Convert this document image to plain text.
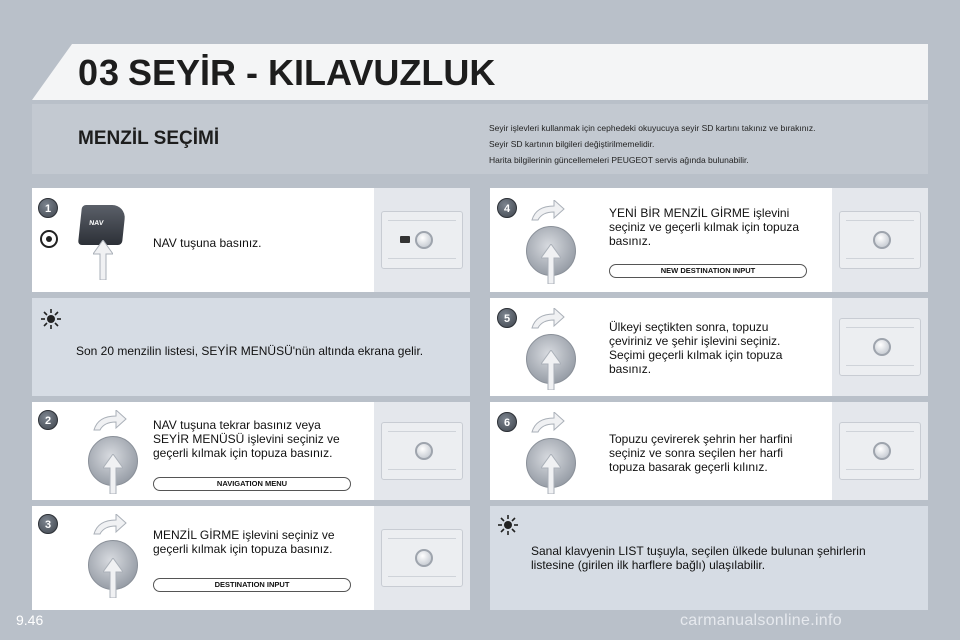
03 SEYİR - KILAVUZLUK
MENZİL SEÇİMİ	Seyir işlevleri kullanmak için cephedeki okuyucuya seyir SD kartını takınız ve bırakınız.
Seyir SD kartının bilgileri değiştirilmemelidir.
Harita bilgilerinin güncellemeleri PEUGEOT servis ağında bulunabilir.
1
NAV
NAV tuşuna basınız.
Son 20 menzilin listesi, SEYİR MENÜSÜ'nün altında ekrana gelir.
2	NAV tuşuna tekrar basınız veya SEYİR MENÜSÜ işlevini seçiniz ve geçerli kılmak için topuza basınız.
NAVIGATION MENU
3
MENZİL GİRME işlevini seçiniz ve geçerli kılmak için topuza basınız.
DESTINATION INPUT
4	YENİ BİR MENZİL GİRME işlevini seçiniz ve geçerli kılmak için topuza basınız.
NEW DESTINATION INPUT
5
Ülkeyi seçtikten sonra, topuzu çeviriniz ve şehir işlevini seçiniz. Seçimi geçerli kılmak için topuza basınız.
6
Topuzu çevirerek şehrin her harfini seçiniz ve sonra seçilen her harfi topuza basarak geçerli kılınız.
Sanal klavyenin LIST tuşuyla, seçilen ülkede bulunan şehirlerin listesine (girilen ilk harflere bağlı) ulaşılabilir.
9.46	carmanualsonline.info
